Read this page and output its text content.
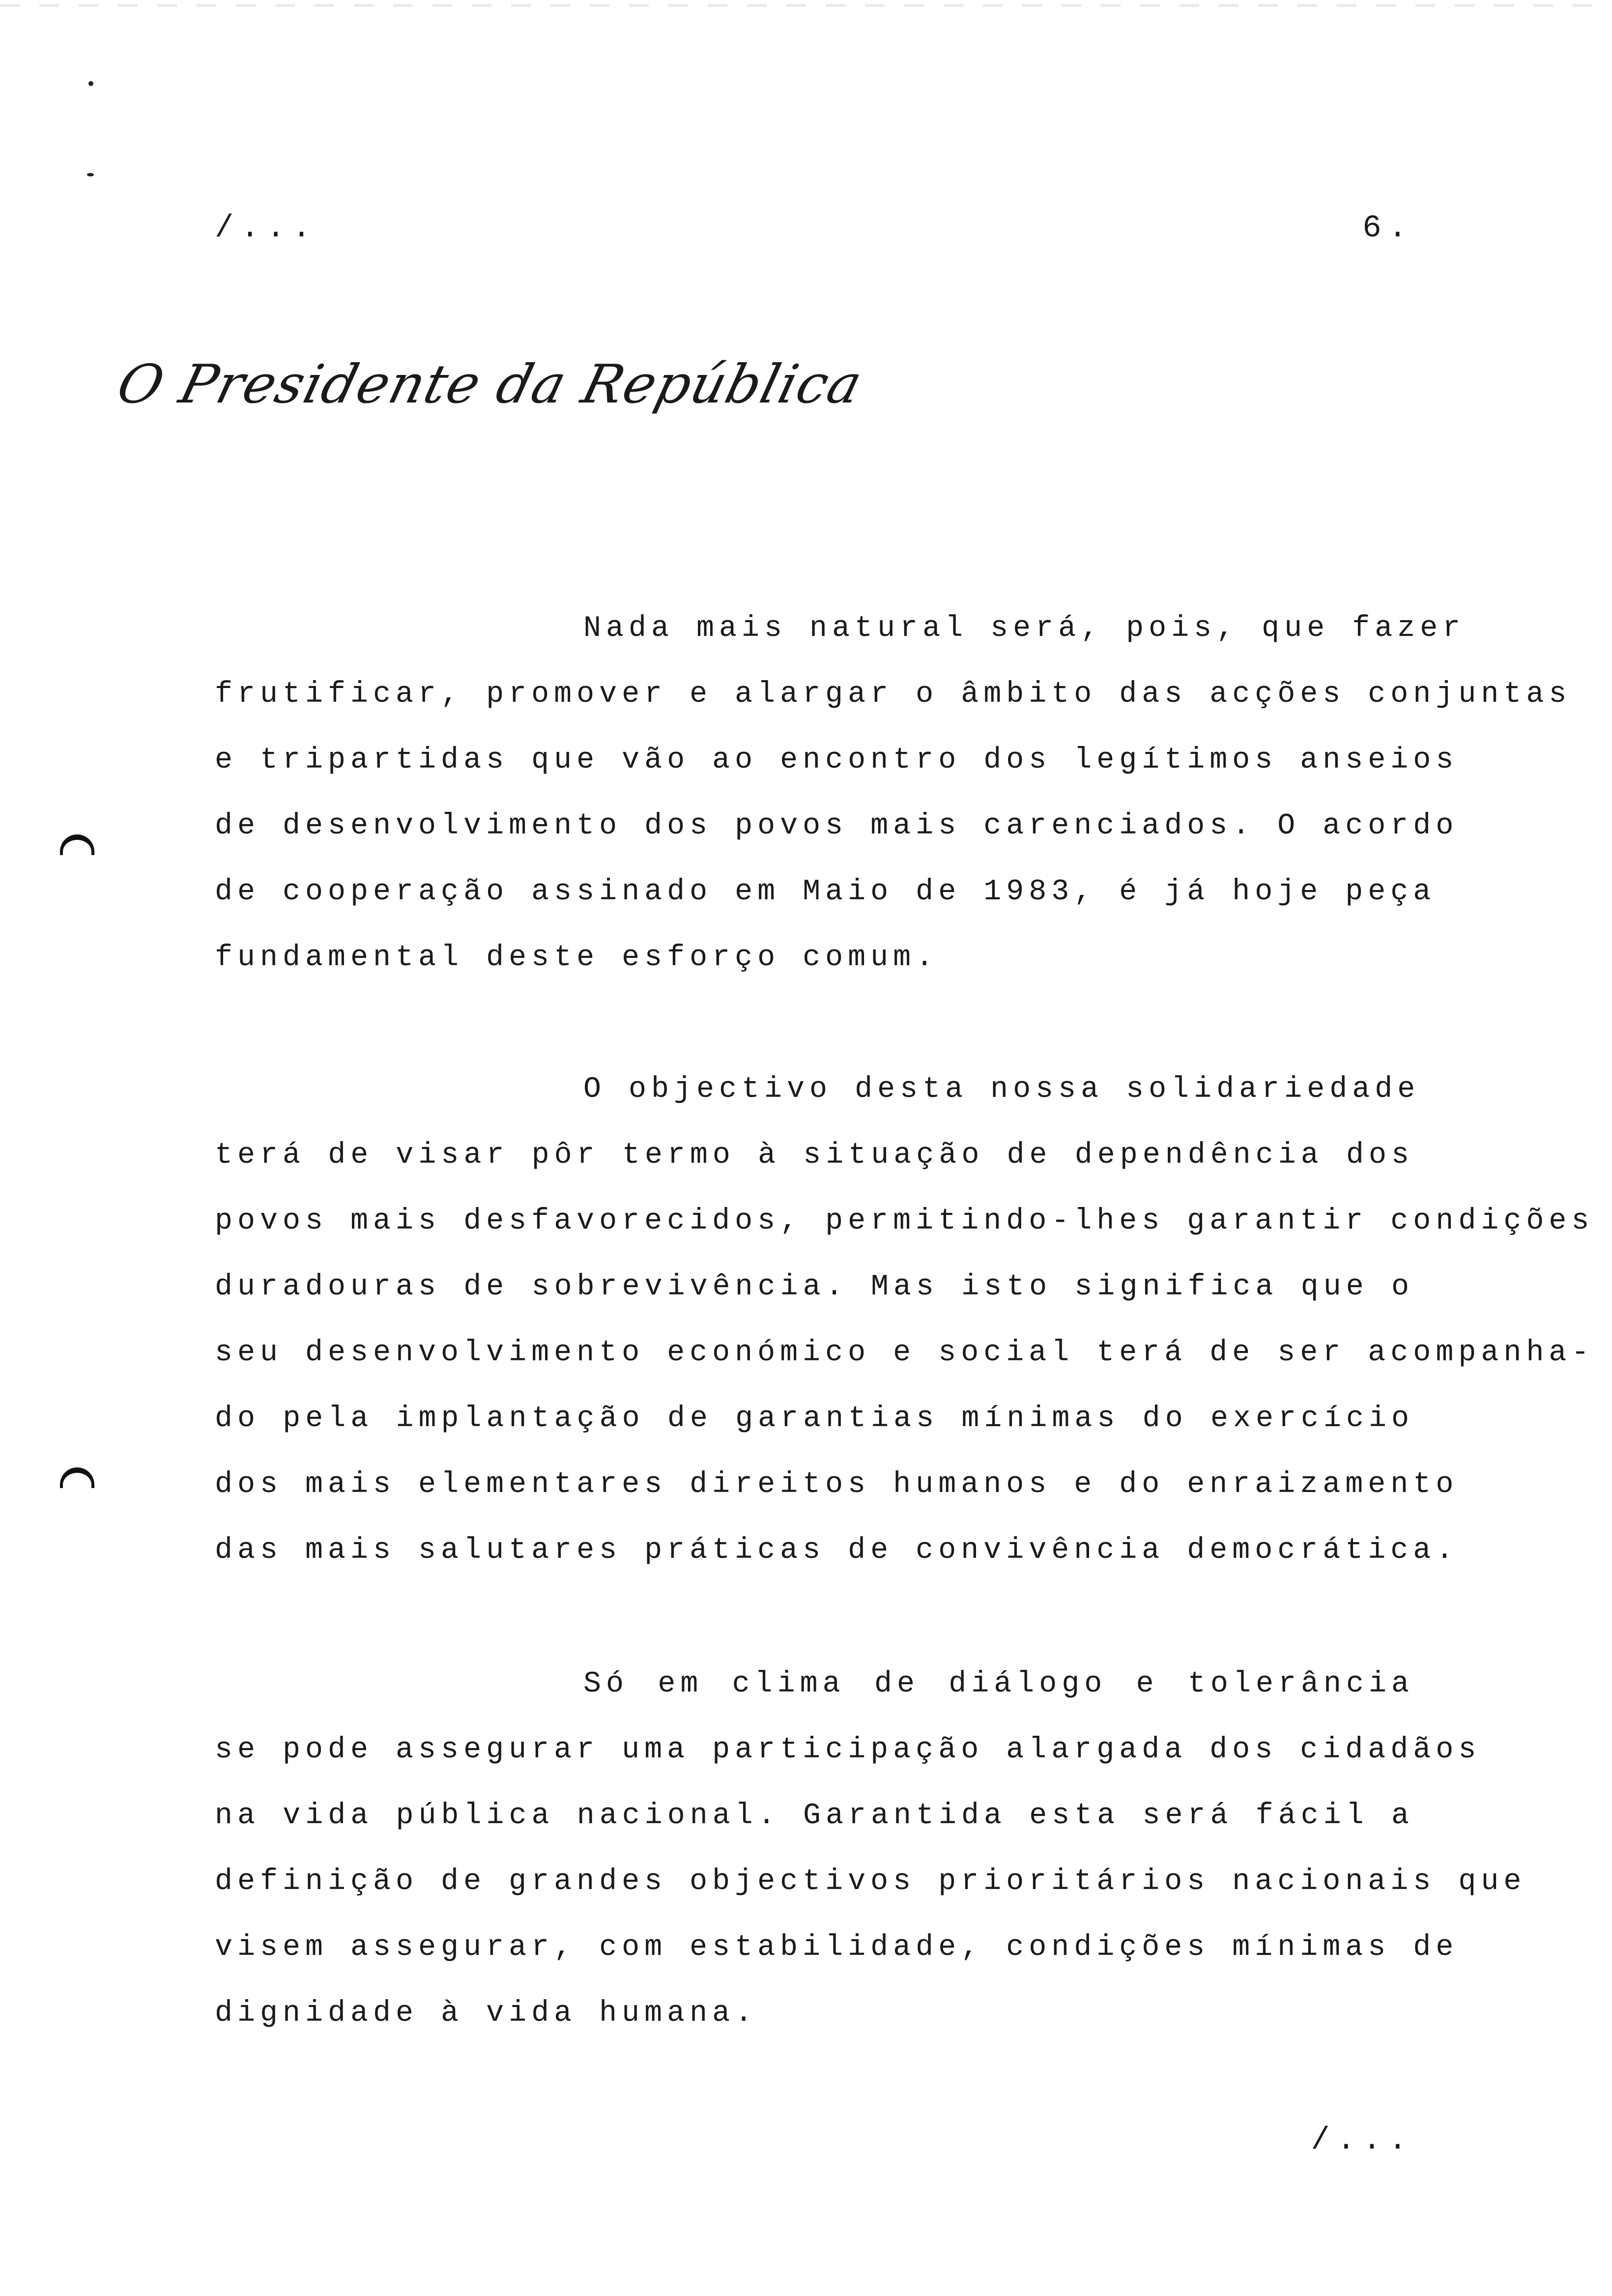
/...	6.
O Presidente da República
Nada mais natural será, pois, que fazer
frutificar, promover e alargar o âmbito das acções conjuntas
e tripartidas que vão ao encontro dos legítimos anseios
de desenvolvimento dos povos mais carenciados. O acordo
de cooperação assinado em Maio de 1983, é já hoje peça
fundamental deste esforço comum.
O objectivo desta nossa solidariedade
terá de visar pôr termo à situação de dependência dos
povos mais desfavorecidos, permitindo-lhes garantir condições
duradouras de sobrevivência. Mas isto significa que o
seu desenvolvimento económico e social terá de ser acompanha-
do pela implantação de garantias mínimas do exercício
dos mais elementares direitos humanos e do enraizamento
das mais salutares práticas de convivência democrática.
Só em clima de diálogo e tolerância
se pode assegurar uma participação alargada dos cidadãos
na vida pública nacional. Garantida esta será fácil a
definição de grandes objectivos prioritários nacionais que
visem assegurar, com estabilidade, condições mínimas de
dignidade à vida humana.
/...
